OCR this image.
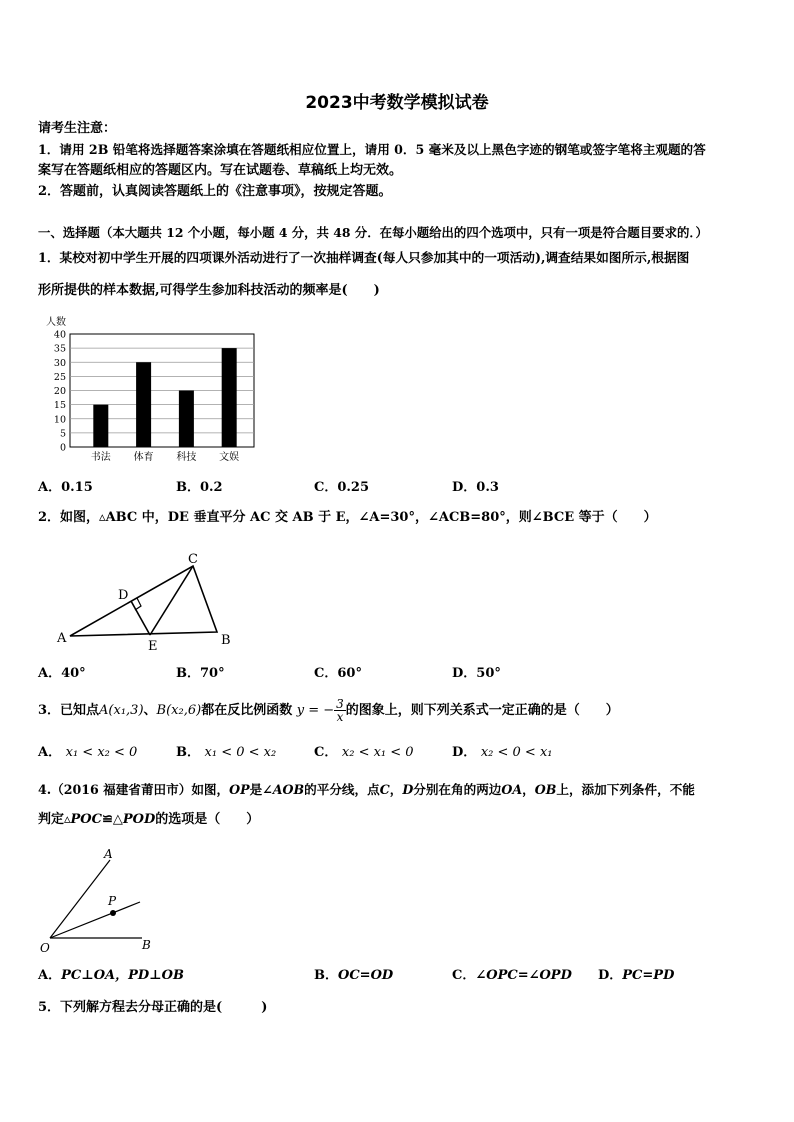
2023中考数学模拟试卷
请考生注意：
1．请用 2B 铅笔将选择题答案涂填在答题纸相应位置上，请用 0．5 毫米及以上黑色字迹的钢笔或签字笔将主观题的答
案写在答题纸相应的答题区内。写在试题卷、草稿纸上均无效。
2．答题前，认真阅读答题纸上的《注意事项》，按规定答题。
一、选择题（本大题共 12 个小题，每小题 4 分，共 48 分．在每小题给出的四个选项中，只有一项是符合题目要求的．）
1．某校对初中学生开展的四项课外活动进行了一次抽样调查(每人只参加其中的一项活动),调查结果如图所示,根据图
形所提供的样本数据,可得学生参加科技活动的频率是(　　)
人数
0
5
10
15
20
25
30
35
40
书法 体育 科技 文娱
A．0.15	B．0.2	C．0.25	D．0.3
2．如图，▵ABC 中，DE 垂直平分 AC 交 AB 于 E，∠A=30°，∠ACB=80°，则∠BCE 等于（　　）
A	B
C
D
E
A．40°	B．70°	C．60°	D．50°
3．已知点A(x₁,3)、B(x₂,6)都在反比例函数 y = − $\frac{3}{x}$ 的图象上，则下列关系式一定正确的是（　　）
A． x₁ < x₂ < 0	B． x₁ < 0 < x₂	C． x₂ < x₁ < 0	D． x₂ < 0 < x₁
4.（2016 福建省莆田市）如图，OP是∠AOB的平分线，点C，D分别在角的两边OA，OB上，添加下列条件，不能
判定▵POC≌△POD的选项是（　　）
A
P
O	B
A．PC⊥OA，PD⊥OB	B．OC=OD	C．∠OPC=∠OPD D．PC=PD
5．下列解方程去分母正确的是(　　　)
